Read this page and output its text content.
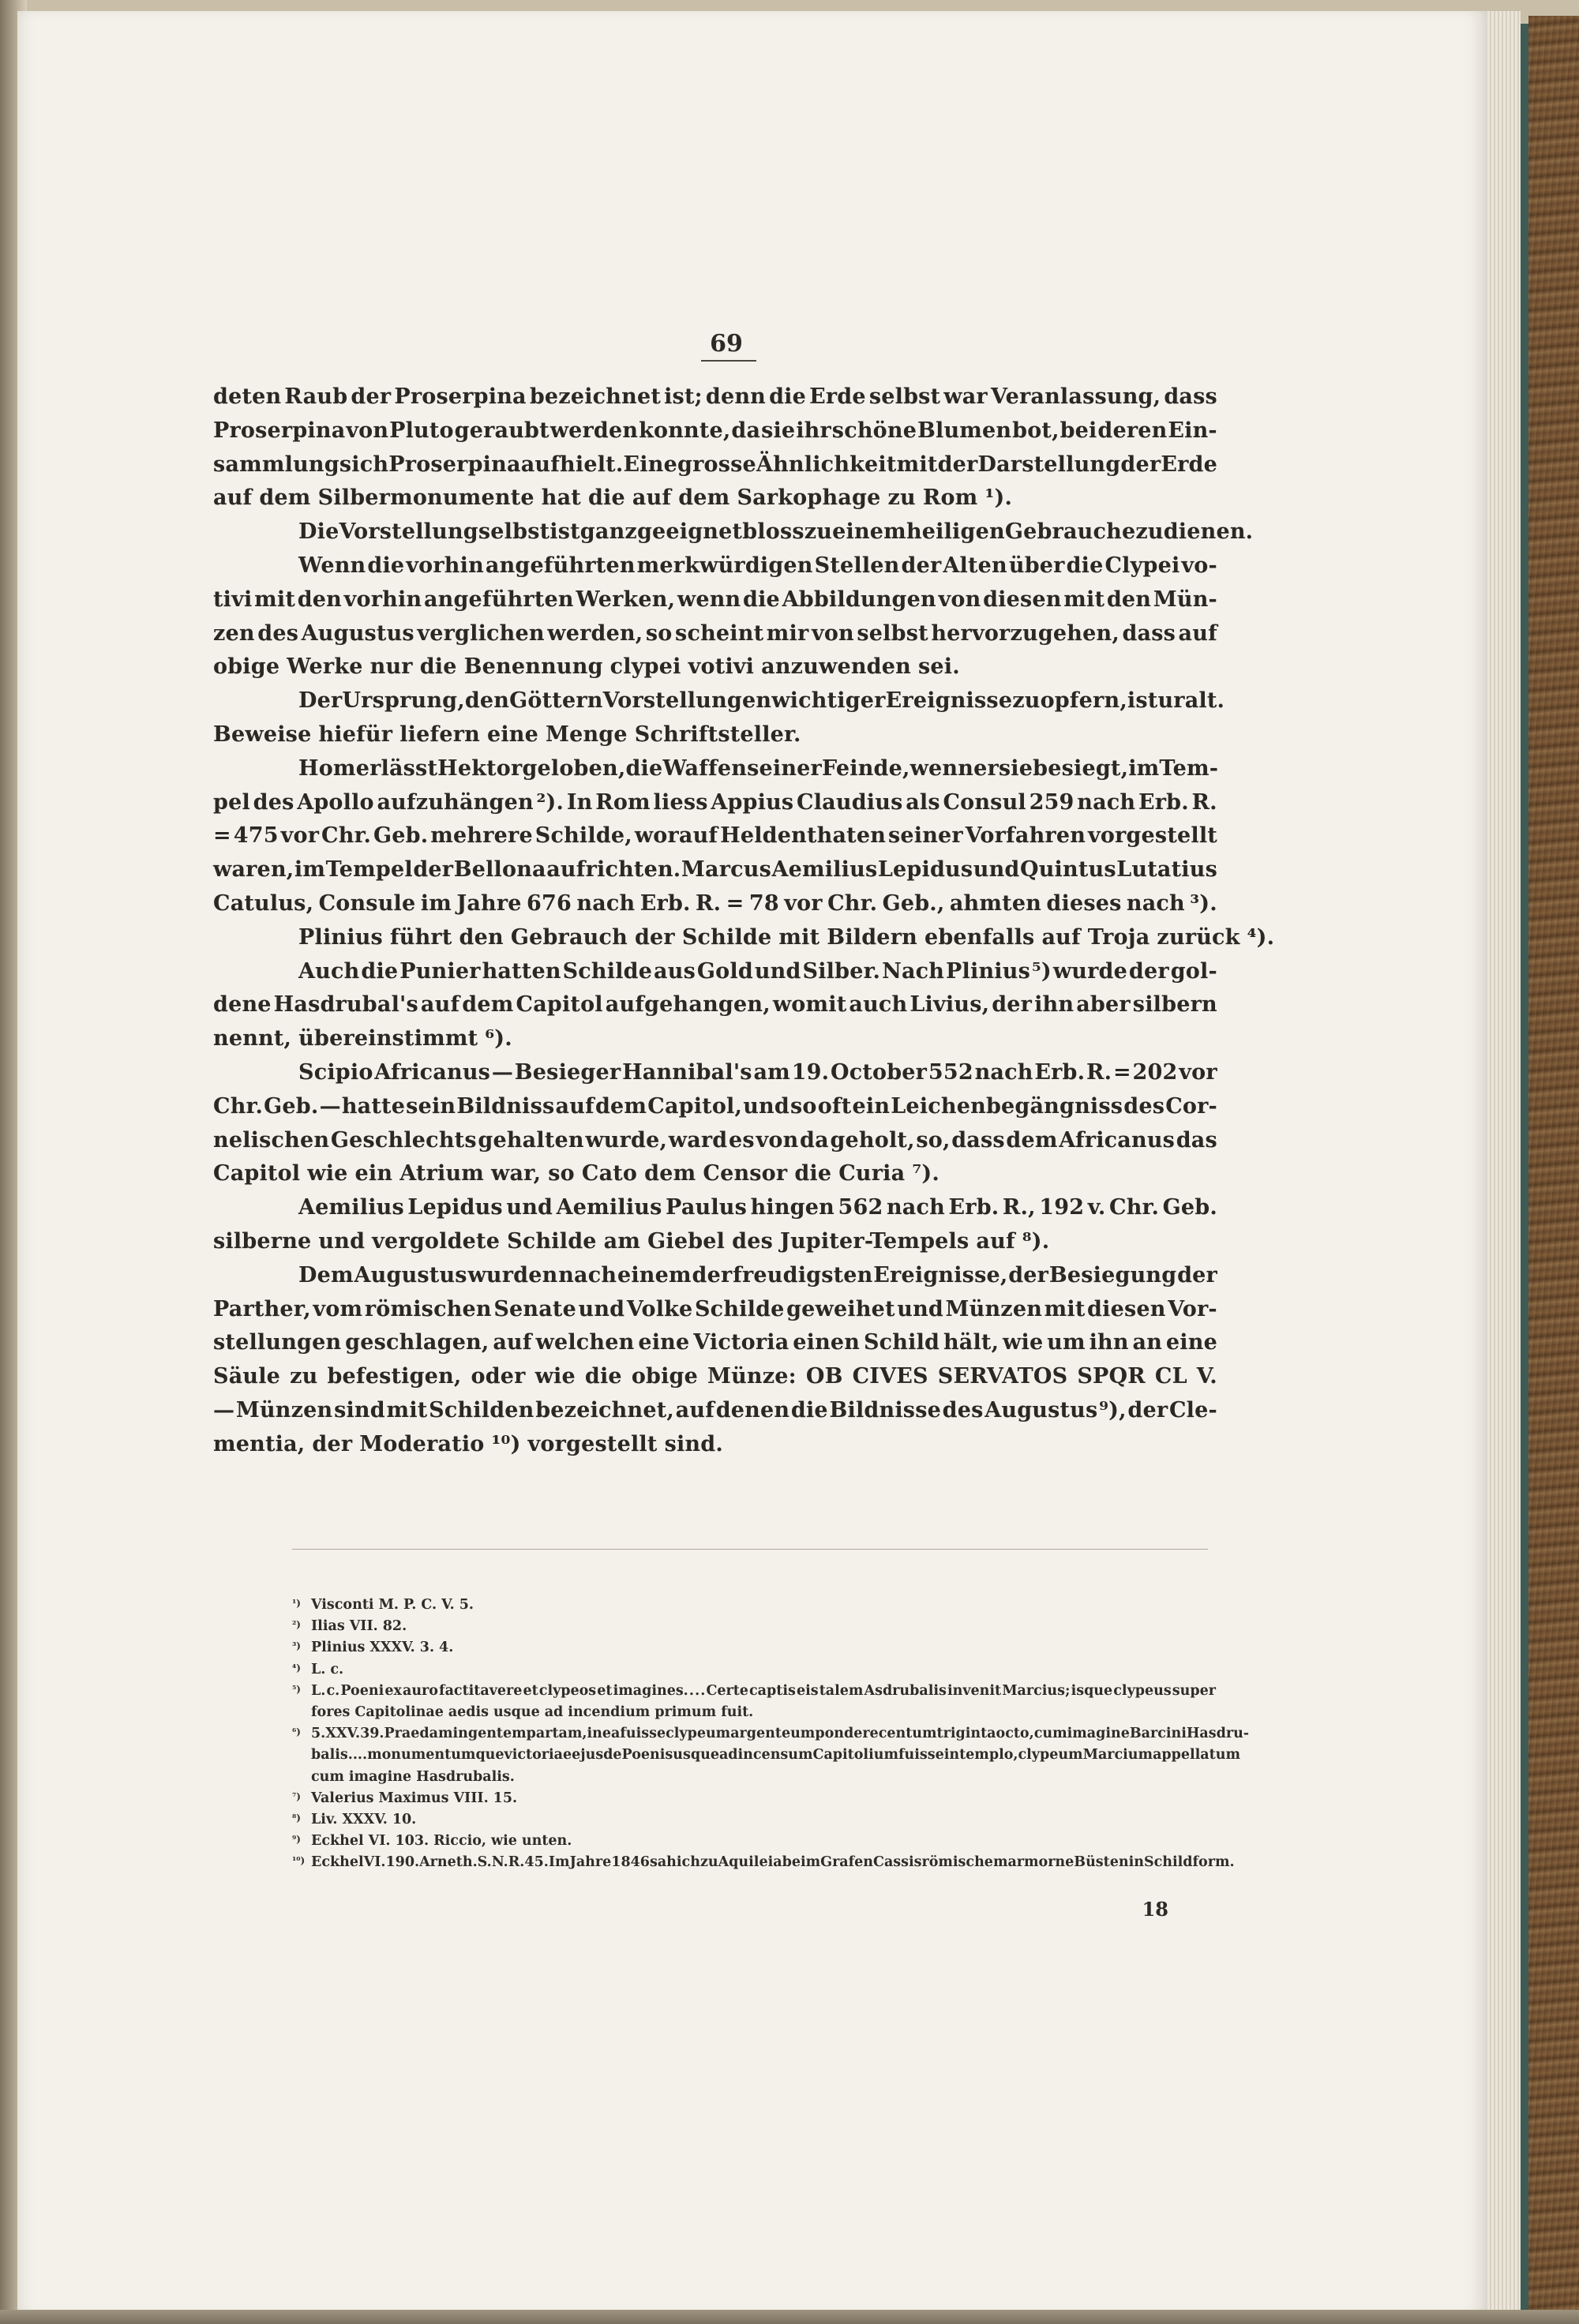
69
deten Raub der Proserpina bezeichnet ist; denn die Erde selbst war Veranlassung, dass
Proserpina von Pluto geraubt werden konnte, da sie ihr schöne Blumen bot, bei deren Ein-
sammlung sich Proserpina aufhielt. Eine grosse Ähnlichkeit mit der Darstellung der Erde
auf dem Silbermonumente hat die auf dem Sarkophage zu Rom ¹).
Die Vorstellung selbst ist ganz geeignet bloss zu einem heiligen Gebrauche zu dienen.
Wenn die vorhin angeführten merkwürdigen Stellen der Alten über die Clypei vo-
tivi mit den vorhin angeführten Werken, wenn die Abbildungen von diesen mit den Mün-
zen des Augustus verglichen werden, so scheint mir von selbst hervorzugehen, dass auf
obige Werke nur die Benennung clypei votivi anzuwenden sei.
Der Ursprung, den Göttern Vorstellungen wichtiger Ereignisse zu opfern, ist uralt.
Beweise hiefür liefern eine Menge Schriftsteller.
Homer lässt Hektor geloben, die Waffen seiner Feinde, wenn er sie besiegt, im Tem-
pel des Apollo aufzuhängen ²). In Rom liess Appius Claudius als Consul 259 nach Erb. R.
= 475 vor Chr. Geb. mehrere Schilde, worauf Heldenthaten seiner Vorfahren vorgestellt
waren, im Tempel der Bellona aufrichten. Marcus Aemilius Lepidus und Quintus Lutatius
Catulus, Consule im Jahre 676 nach Erb. R. = 78 vor Chr. Geb., ahmten dieses nach ³).
Plinius führt den Gebrauch der Schilde mit Bildern ebenfalls auf Troja zurück ⁴).
Auch die Punier hatten Schilde aus Gold und Silber. Nach Plinius ⁵) wurde der gol-
dene Hasdrubal's auf dem Capitol aufgehangen, womit auch Livius, der ihn aber silbern
nennt, übereinstimmt ⁶).
Scipio Africanus — Besieger Hannibal's am 19. October 552 nach Erb. R. = 202 vor
Chr. Geb. — hatte sein Bildniss auf dem Capitol, und so oft ein Leichenbegängniss des Cor-
nelischen Geschlechts gehalten wurde, ward es von da geholt, so, dass dem Africanus das
Capitol wie ein Atrium war, so Cato dem Censor die Curia ⁷).
Aemilius Lepidus und Aemilius Paulus hingen 562 nach Erb. R., 192 v. Chr. Geb.
silberne und vergoldete Schilde am Giebel des Jupiter-Tempels auf ⁸).
Dem Augustus wurden nach einem der freudigsten Ereignisse, der Besiegung der
Parther, vom römischen Senate und Volke Schilde geweihet und Münzen mit diesen Vor-
stellungen geschlagen, auf welchen eine Victoria einen Schild hält, wie um ihn an eine
Säule zu befestigen, oder wie die obige Münze: OB CIVES SERVATOS SPQR CL V.
— Münzen sind mit Schilden bezeichnet, auf denen die Bildnisse des Augustus ⁹), der Cle-
mentia, der Moderatio ¹⁰) vorgestellt sind.
¹) Visconti M. P. C. V. 5.
²) Ilias VII. 82.
³) Plinius XXXV. 3. 4.
⁴) L. c.
⁵) L. c. Poeni ex auro factitavere et clypeos et imagines. . . . Certe captis eis talem Asdrubalis invenit Marcius; isque clypeus super
fores Capitolinae aedis usque ad incendium primum fuit.
⁶) 5. XXV. 39. Praedam ingentem partam, in ea fuisse clypeum argenteum pondere centum triginta octo, cum imagine Barcini Hasdru-
balis . . . . monumentumque victoriae ejus de Poenis usque ad incensum Capitolium fuisse in templo, clypeum Marcium appellatum
cum imagine Hasdrubalis.
⁷) Valerius Maximus VIII. 15.
⁸) Liv. XXXV. 10.
⁹) Eckhel VI. 103. Riccio, wie unten.
¹⁰) Eckhel VI. 190. Arneth. S. N. R. 45. Im Jahre 1846 sah ich zu Aquileia beim Grafen Cassis römische marmorne Büsten in Schildform.
18
